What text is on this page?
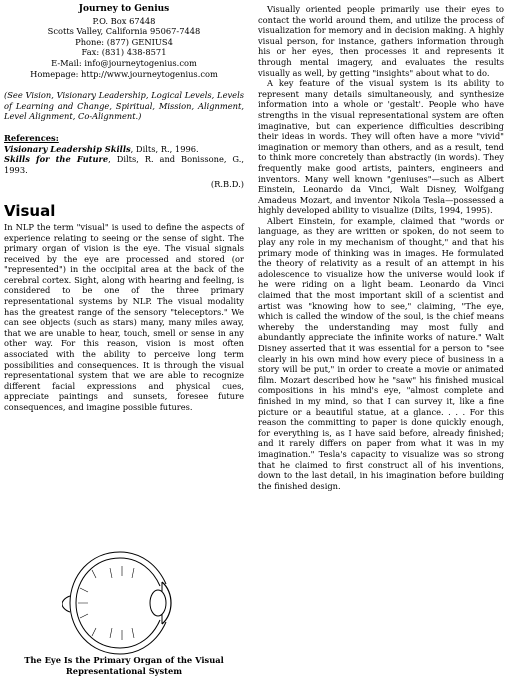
Journey to Genius
P.O. Box 67448
Scotts Valley, California 95067-7448
Phone: (877) GENIUS4
Fax: (831) 438-8571
E-Mail: info@journeytogenius.com
Homepage: http://www.journeytogenius.com

(See Vision, Visionary Leadership, Logical Levels, Levels of Learning and Change, Spiritual, Mission, Alignment, Level Alignment, Co-Alignment.)

References:

Visionary Leadership Skills, Dilts, R., 1996.

Skills for the Future, Dilts, R. and Bonissone, G., 1993.

(R.B.D.)

Visual

In NLP the term "visual" is used to define the aspects of experience relating to seeing or the sense of sight. The primary organ of vision is the eye. The visual signals received by the eye are processed and stored (or "represented") in the occipital area at the back of the cerebral cortex. Sight, along with hearing and feeling, is considered to be one of the three primary representational systems by NLP. The visual modality has the greatest range of the sensory "teleceptors." We can see objects (such as stars) many, many miles away, that we are unable to hear, touch, smell or sense in any other way. For this reason, vision is most often associated with the ability to perceive long term possibilities and consequences. It is through the visual representational system that we are able to recognize different facial expressions and physical cues, appreciate paintings and sunsets, foresee future consequences, and imagine possible futures.

The Eye Is the Primary Organ of the Visual Representational System

Visually oriented people primarily use their eyes to contact the world around them, and utilize the process of visualization for memory and in decision making. A highly visual person, for instance, gathers information through his or her eyes, then processes it and represents it through mental imagery, and evaluates the results visually as well, by getting "insights" about what to do.

A key feature of the visual system is its ability to represent many details simultaneously, and synthesize information into a whole or 'gestalt'. People who have strengths in the visual representational system are often imaginative, but can experience difficulties describing their ideas in words. They will often have a more "vivid" imagination or memory than others, and as a result, tend to think more concretely than abstractly (in words). They frequently make good artists, painters, engineers and inventors. Many well known "geniuses"—such as Albert Einstein, Leonardo da Vinci, Walt Disney, Wolfgang Amadeus Mozart, and inventor Nikola Tesla—possessed a highly developed ability to visualize (Dilts, 1994, 1995).

Albert Einstein, for example, claimed that "words or language, as they are written or spoken, do not seem to play any role in my mechanism of thought," and that his primary mode of thinking was in images. He formulated the theory of relativity as a result of an attempt in his adolescence to visualize how the universe would look if he were riding on a light beam. Leonardo da Vinci claimed that the most important skill of a scientist and artist was "knowing how to see," claiming, "The eye, which is called the window of the soul, is the chief means whereby the understanding may most fully and abundantly appreciate the infinite works of nature." Walt Disney asserted that it was essential for a person to "see clearly in his own mind how every piece of business in a story will be put," in order to create a movie or animated film. Mozart described how he "saw" his finished musical compositions in his mind's eye, "almost complete and finished in my mind, so that I can survey it, like a fine picture or a beautiful statue, at a glance. . . . For this reason the committing to paper is done quickly enough, for everything is, as I have said before, already finished; and it rarely differs on paper from what it was in my imagination." Tesla's capacity to visualize was so strong that he claimed to first construct all of his inventions, down to the last detail, in his imagination before building the finished design.
